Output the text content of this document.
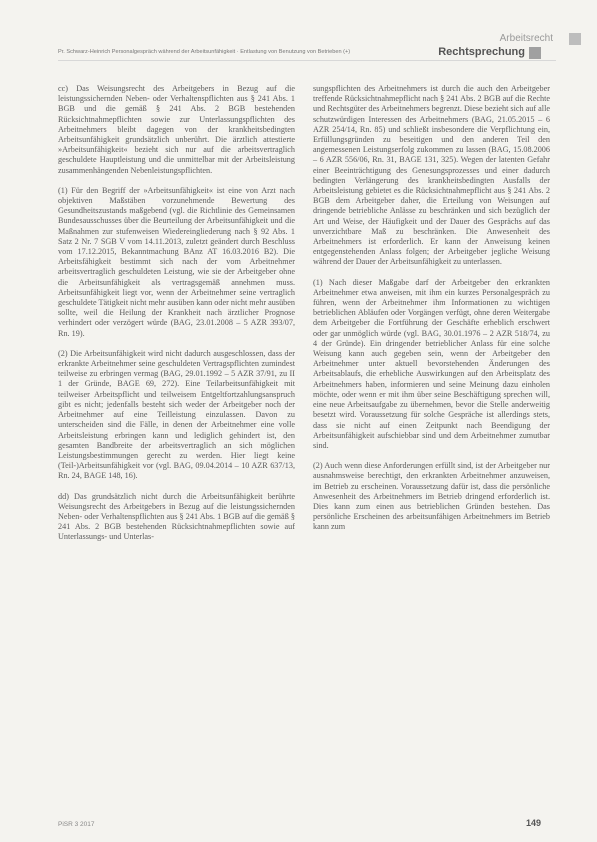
Arbeitsrecht
Pr. Schwarz-Heinrich Personalgespräch während der Arbeitsunfähigkeit · Entlastung von Benutzung von Betrieben (+)	Rechtsprechung

cc) Das Weisungsrecht des Arbeitgebers in Bezug auf die leistungssichernden Neben- oder Verhaltenspflichten aus § 241 Abs. 1 BGB und die gemäß § 241 Abs. 2 BGB bestehenden Rücksichtnahmepflichten sowie zur Unterlassungspflichten des Arbeitnehmers bleibt dagegen von der krankheitsbedingten Arbeitsunfähigkeit grundsätzlich unberührt. Die ärztlich attestierte »Arbeitsunfähigkeit« bezieht sich nur auf die arbeitsvertraglich geschuldete Hauptleistung und die unmittelbar mit der Arbeitsleistung zusammenhängenden Nebenleistungspflichten.

(1) Für den Begriff der »Arbeitsunfähigkeit« ist eine von Arzt nach objektiven Maßstäben vorzunehmende Bewertung des Gesundheitszustands maßgebend (vgl. die Richtlinie des Gemeinsamen Bundesausschusses über die Beurteilung der Arbeitsunfähigkeit und die Maßnahmen zur stufenweisen Wiedereingliederung nach § 92 Abs. 1 Satz 2 Nr. 7 SGB V vom 14.11.2013, zuletzt geändert durch Beschluss vom 17.12.2015, Bekanntmachung BAnz AT 16.03.2016 B2). Die Arbeitsfähigkeit bestimmt sich nach der vom Arbeitnehmer arbeitsvertraglich geschuldeten Leistung, wie sie der Arbeitgeber ohne die Arbeitsunfähigkeit als vertragsgemäß annehmen muss. Arbeitsunfähigkeit liegt vor, wenn der Arbeitnehmer seine vertraglich geschuldete Tätigkeit nicht mehr ausüben kann oder nicht mehr ausüben sollte, weil die Heilung der Krankheit nach ärztlicher Prognose verhindert oder verzögert würde (BAG, 23.01.2008 – 5 AZR 393/07, Rn. 19).

(2) Die Arbeitsunfähigkeit wird nicht dadurch ausgeschlossen, dass der erkrankte Arbeitnehmer seine geschuldeten Vertragspflichten zumindest teilweise zu erbringen vermag (BAG, 29.01.1992 – 5 AZR 37/91, zu II 1 der Gründe, BAGE 69, 272). Eine Teilarbeitsunfähigkeit mit teilweiser Arbeitspflicht und teilweisem Entgeltfortzahlungsanspruch gibt es nicht; jedenfalls besteht sich weder der Arbeitgeber noch der Arbeitnehmer auf eine Teilleistung einzulassen. Davon zu unterscheiden sind die Fälle, in denen der Arbeitnehmer eine volle Arbeitsleistung erbringen kann und lediglich gehindert ist, den gesamten Bandbreite der arbeitsvertraglich an sich möglichen Leistungsbestimmungen gerecht zu werden. Hier liegt keine (Teil-)Arbeitsunfähigkeit vor (vgl. BAG, 09.04.2014 – 10 AZR 637/13, Rn. 24, BAGE 148, 16).

dd) Das grundsätzlich nicht durch die Arbeitsunfähigkeit berührte Weisungsrecht des Arbeitgebers in Bezug auf die leistungssichernden Neben- oder Verhaltenspflichten aus § 241 Abs. 1 BGB auf die gemäß § 241 Abs. 2 BGB bestehenden Rücksichtnahmepflichten sowie auf Unterlassungs- und Unterlas-

sungspflichten des Arbeitnehmers ist durch die auch den Arbeitgeber treffende Rücksichtnahmepflicht nach § 241 Abs. 2 BGB auf die Rechte und Rechtsgüter des Arbeitnehmers begrenzt. Diese bezieht sich auf alle schutzwürdigen Interessen des Arbeitnehmers (BAG, 21.05.2015 – 6 AZR 254/14, Rn. 85) und schließt insbesondere die Verpflichtung ein, Erfüllungsgründen zu beseitigen und den anderen Teil den angemessenen Leistungserfolg zukommen zu lassen (BAG, 15.08.2006 – 6 AZR 556/06, Rn. 31, BAGE 131, 325). Wegen der latenten Gefahr einer Beeinträchtigung des Genesungsprozesses und einer dadurch bedingten Verlängerung des krankheitsbedingten Ausfalls der Arbeitsleistung gebietet es die Rücksichtnahmepflicht aus § 241 Abs. 2 BGB dem Arbeitgeber daher, die Erteilung von Weisungen auf dringende betriebliche Anlässe zu beschränken und sich bezüglich der Art und Weise, der Häufigkeit und der Dauer des Gesprächs auf das unverzichtbare Maß zu beschränken. Die Anwesenheit des Arbeitnehmers ist erforderlich. Er kann der Anweisung keinen entgegenstehenden Anlass folgen; der Arbeitgeber jegliche Weisung während der Dauer der Arbeitsunfähigkeit zu unterlassen.

(1) Nach dieser Maßgabe darf der Arbeitgeber den erkrankten Arbeitnehmer etwa anweisen, mit ihm ein kurzes Personalgespräch zu führen, wenn der Arbeitnehmer ihm Informationen zu wichtigen betrieblichen Abläufen oder Vorgängen verfügt, ohne deren Weitergabe dem Arbeitgeber die Fortführung der Geschäfte erheblich erschwert oder gar unmöglich würde (vgl. BAG, 30.01.1976 – 2 AZR 518/74, zu 4 der Gründe). Ein dringender betrieblicher Anlass für eine solche Weisung kann auch gegeben sein, wenn der Arbeitgeber den Arbeitnehmer unter aktuell bevorstehenden Änderungen des Arbeitsablaufs, die erhebliche Auswirkungen auf den Arbeitsplatz des Arbeitnehmers haben, informieren und seine Meinung dazu einholen möchte, oder wenn er mit ihm über seine Beschäftigung sprechen will, eine neue Arbeitsaufgabe zu übernehmen, bevor die Stelle anderweitig besetzt wird. Voraussetzung für solche Gespräche ist allerdings stets, dass sie nicht auf einen Zeitpunkt nach Beendigung der Arbeitsunfähigkeit aufschiebbar sind und dem Arbeitnehmer zumutbar sind.

(2) Auch wenn diese Anforderungen erfüllt sind, ist der Arbeitgeber nur ausnahmsweise berechtigt, den erkrankten Arbeitnehmer anzuweisen, im Betrieb zu erscheinen. Voraussetzung dafür ist, dass die persönliche Anwesenheit des Arbeitnehmers im Betrieb dringend erforderlich ist. Dies kann zum einen aus betrieblichen Gründen bestehen. Das persönliche Erscheinen des arbeitsunfähigen Arbeitnehmers im Betrieb kann zum

PiSR 3 2017	149
